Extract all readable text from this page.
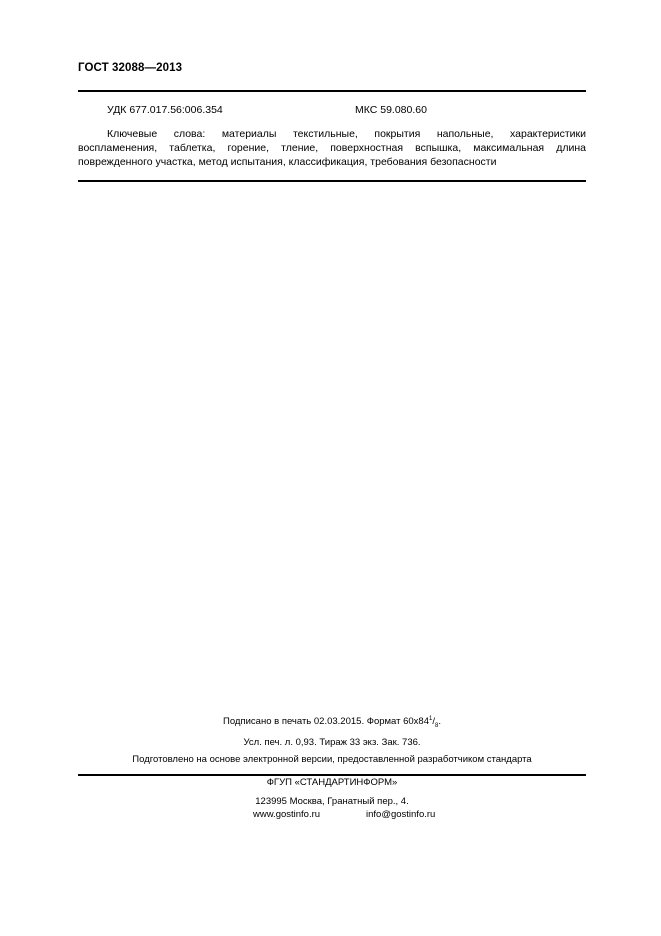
ГОСТ 32088—2013
УДК 677.017.56:006.354	МКС 59.080.60

Ключевые слова: материалы текстильные, покрытия напольные, характеристики воспламенения, таблетка, горение, тление, поверхностная вспышка, максимальная длина поврежденного участка, метод испытания, классификация, требования безопасности

Подписано в печать 02.03.2015. Формат $60x84^1/_8$.
Усл. печ. л. 0,93. Тираж 33 экз. Зак. 736.
Подготовлено на основе электронной версии, предоставленной разработчиком стандарта
ФГУП «СТАНДАРТИНФОРМ»
123995 Москва, Гранатный пер., 4.
www.gostinfo.ru	info@gostinfo.ru
